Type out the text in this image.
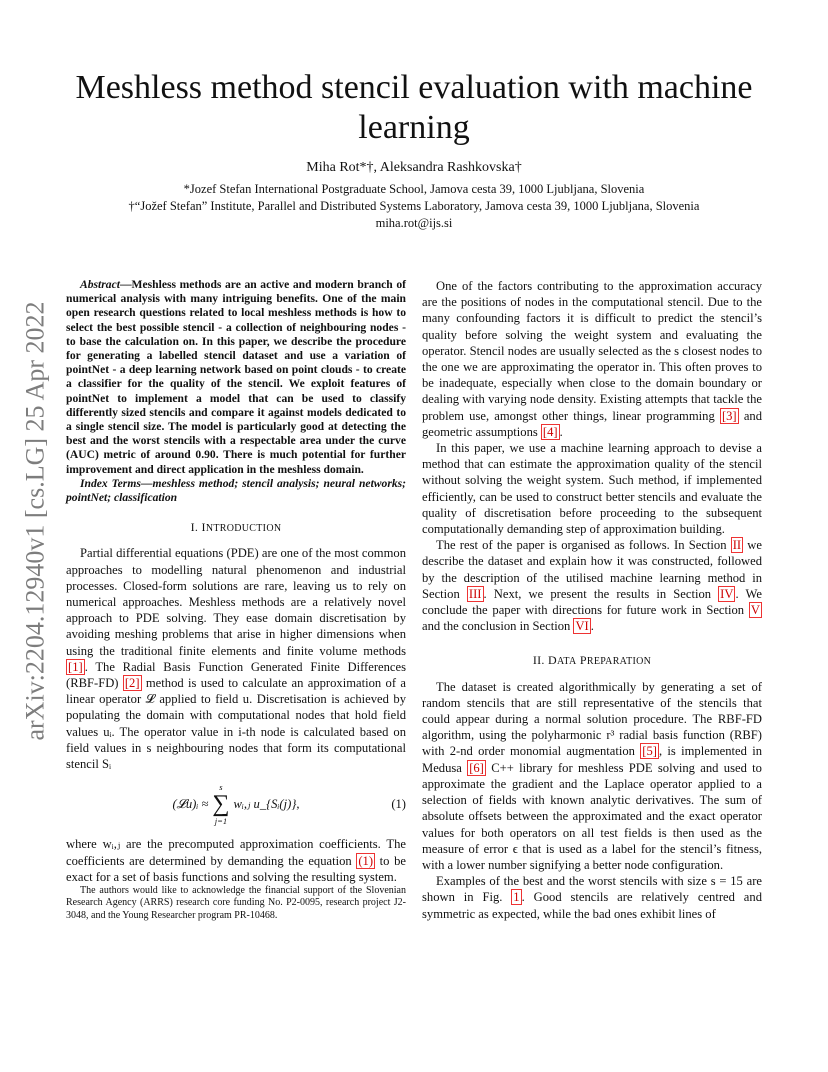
arXiv:2204.12940v1 [cs.LG] 25 Apr 2022
Meshless method stencil evaluation with machine learning
Miha Rot*†, Aleksandra Rashkovska†
*Jozef Stefan International Postgraduate School, Jamova cesta 39, 1000 Ljubljana, Slovenia
†“Jožef Stefan” Institute, Parallel and Distributed Systems Laboratory, Jamova cesta 39, 1000 Ljubljana, Slovenia
miha.rot@ijs.si

Abstract—Meshless methods are an active and modern branch of numerical analysis with many intriguing benefits. One of the main open research questions related to local meshless methods is how to select the best possible stencil - a collection of neighbouring nodes - to base the calculation on. In this paper, we describe the procedure for generating a labelled stencil dataset and use a variation of pointNet - a deep learning network based on point clouds - to create a classifier for the quality of the stencil. We exploit features of pointNet to implement a model that can be used to classify differently sized stencils and compare it against models dedicated to a single stencil size. The model is particularly good at detecting the best and the worst stencils with a respectable area under the curve (AUC) metric of around 0.90. There is much potential for further improvement and direct application in the meshless domain.

Index Terms—meshless method; stencil analysis; neural networks; pointNet; classification

I. INTRODUCTION

Partial differential equations (PDE) are one of the most common approaches to modelling natural phenomenon and industrial processes. Closed-form solutions are rare, leaving us to rely on numerical approaches. Meshless methods are a relatively novel approach to PDE solving. They ease domain discretisation by avoiding meshing problems that arise in higher dimensions when using the traditional finite elements and finite volume methods [1] . The Radial Basis Function Generated Finite Differences (RBF-FD) [2] method is used to calculate an approximation of a linear operator 𝓛 applied to field u. Discretisation is achieved by populating the domain with computational nodes that hold field values uᵢ. The operator value in i-th node is calculated based on field values in s neighbouring nodes that form its computational stencil Sᵢ

(𝓛u)ᵢ ≈
s
∑
j=1
wᵢ,ⱼ u_{Sᵢ(j)},	(1)

where wᵢ,ⱼ are the precomputed approximation coefficients. The coefficients are determined by demanding the equation (1) to be exact for a set of basis functions and solving the resulting system.

The authors would like to acknowledge the financial support of the Slovenian Research Agency (ARRS) research core funding No. P2-0095, research project J2-3048, and the Young Researcher program PR-10468.

One of the factors contributing to the approximation accuracy are the positions of nodes in the computational stencil. Due to the many confounding factors it is difficult to predict the stencil’s quality before solving the weight system and evaluating the operator. Stencil nodes are usually selected as the s closest nodes to the one we are approximating the operator in. This often proves to be inadequate, especially when close to the domain boundary or dealing with varying node density. Existing attempts that tackle the problem use, amongst other things, linear programming [3] and geometric assumptions [4] .

In this paper, we use a machine learning approach to devise a method that can estimate the approximation quality of the stencil without solving the weight system. Such method, if implemented efficiently, can be used to construct better stencils and evaluate the quality of discretisation before proceeding to the subsequent computationally demanding step of approximation building.

The rest of the paper is organised as follows. In Section II we describe the dataset and explain how it was constructed, followed by the description of the utilised machine learning method in Section III . Next, we present the results in Section IV . We conclude the paper with directions for future work in Section V and the conclusion in Section VI .

II. DATA PREPARATION

The dataset is created algorithmically by generating a set of random stencils that are still representative of the stencils that could appear during a normal solution procedure. The RBF-FD algorithm, using the polyharmonic r³ radial basis function (RBF) with 2-nd order monomial augmentation [5] , is implemented in Medusa [6] C++ library for meshless PDE solving and used to approximate the gradient and the Laplace operator applied to a selection of fields with known analytic derivatives. The sum of absolute offsets between the approximated and the exact operator values for both operators on all test fields is then used as the measure of error ϵ that is used as a label for the stencil’s fitness, with a lower number signifying a better node configuration.

Examples of the best and the worst stencils with size s = 15 are shown in Fig. 1 . Good stencils are relatively centred and symmetric as expected, while the bad ones exhibit lines of
